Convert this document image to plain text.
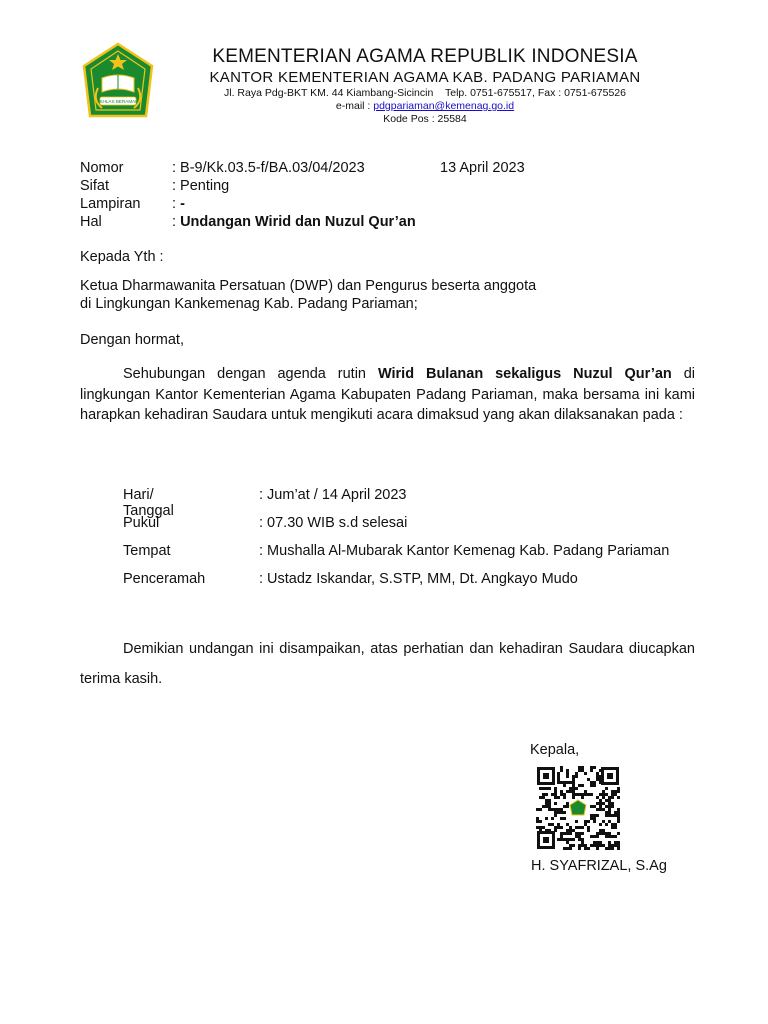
IKHLAS BERAMAL
KEMENTERIAN AGAMA REPUBLIK INDONESIA
KANTOR KEMENTERIAN AGAMA KAB. PADANG PARIAMAN
Jl. Raya Pdg-BKT KM. 44 Kiambang-Sicincin Telp. 0751-675517, Fax : 0751-675526
e-mail : pdgpariaman@kemenag.go.id
Kode Pos : 25584
Nomor	: B-9/Kk.03.5-f/BA.03/04/2023
Sifat	: Penting
Lampiran : -
Hal	: Undangan Wirid dan Nuzul Qur’an
13 April 2023
Kepada Yth :
Ketua Dharmawanita Persatuan (DWP) dan Pengurus beserta anggota
di Lingkungan Kankemenag Kab. Padang Pariaman;
Dengan hormat,
Sehubungan dengan agenda rutin Wirid Bulanan sekaligus Nuzul Qur’an di lingkungan Kantor Kementerian Agama Kabupaten Padang Pariaman, maka bersama ini kami harapkan kehadiran Saudara untuk mengikuti acara dimaksud yang akan dilaksanakan pada :
Hari/ Tanggal
: Jum’at / 14 April 2023
Pukul	: 07.30 WIB s.d selesai
Tempat	: Mushalla Al-Mubarak Kantor Kemenag Kab. Padang Pariaman
Penceramah	: Ustadz Iskandar, S.STP, MM, Dt. Angkayo Mudo
Demikian undangan ini disampaikan, atas perhatian dan kehadiran Saudara diucapkan terima kasih.
Kepala,
H. SYAFRIZAL, S.Ag
